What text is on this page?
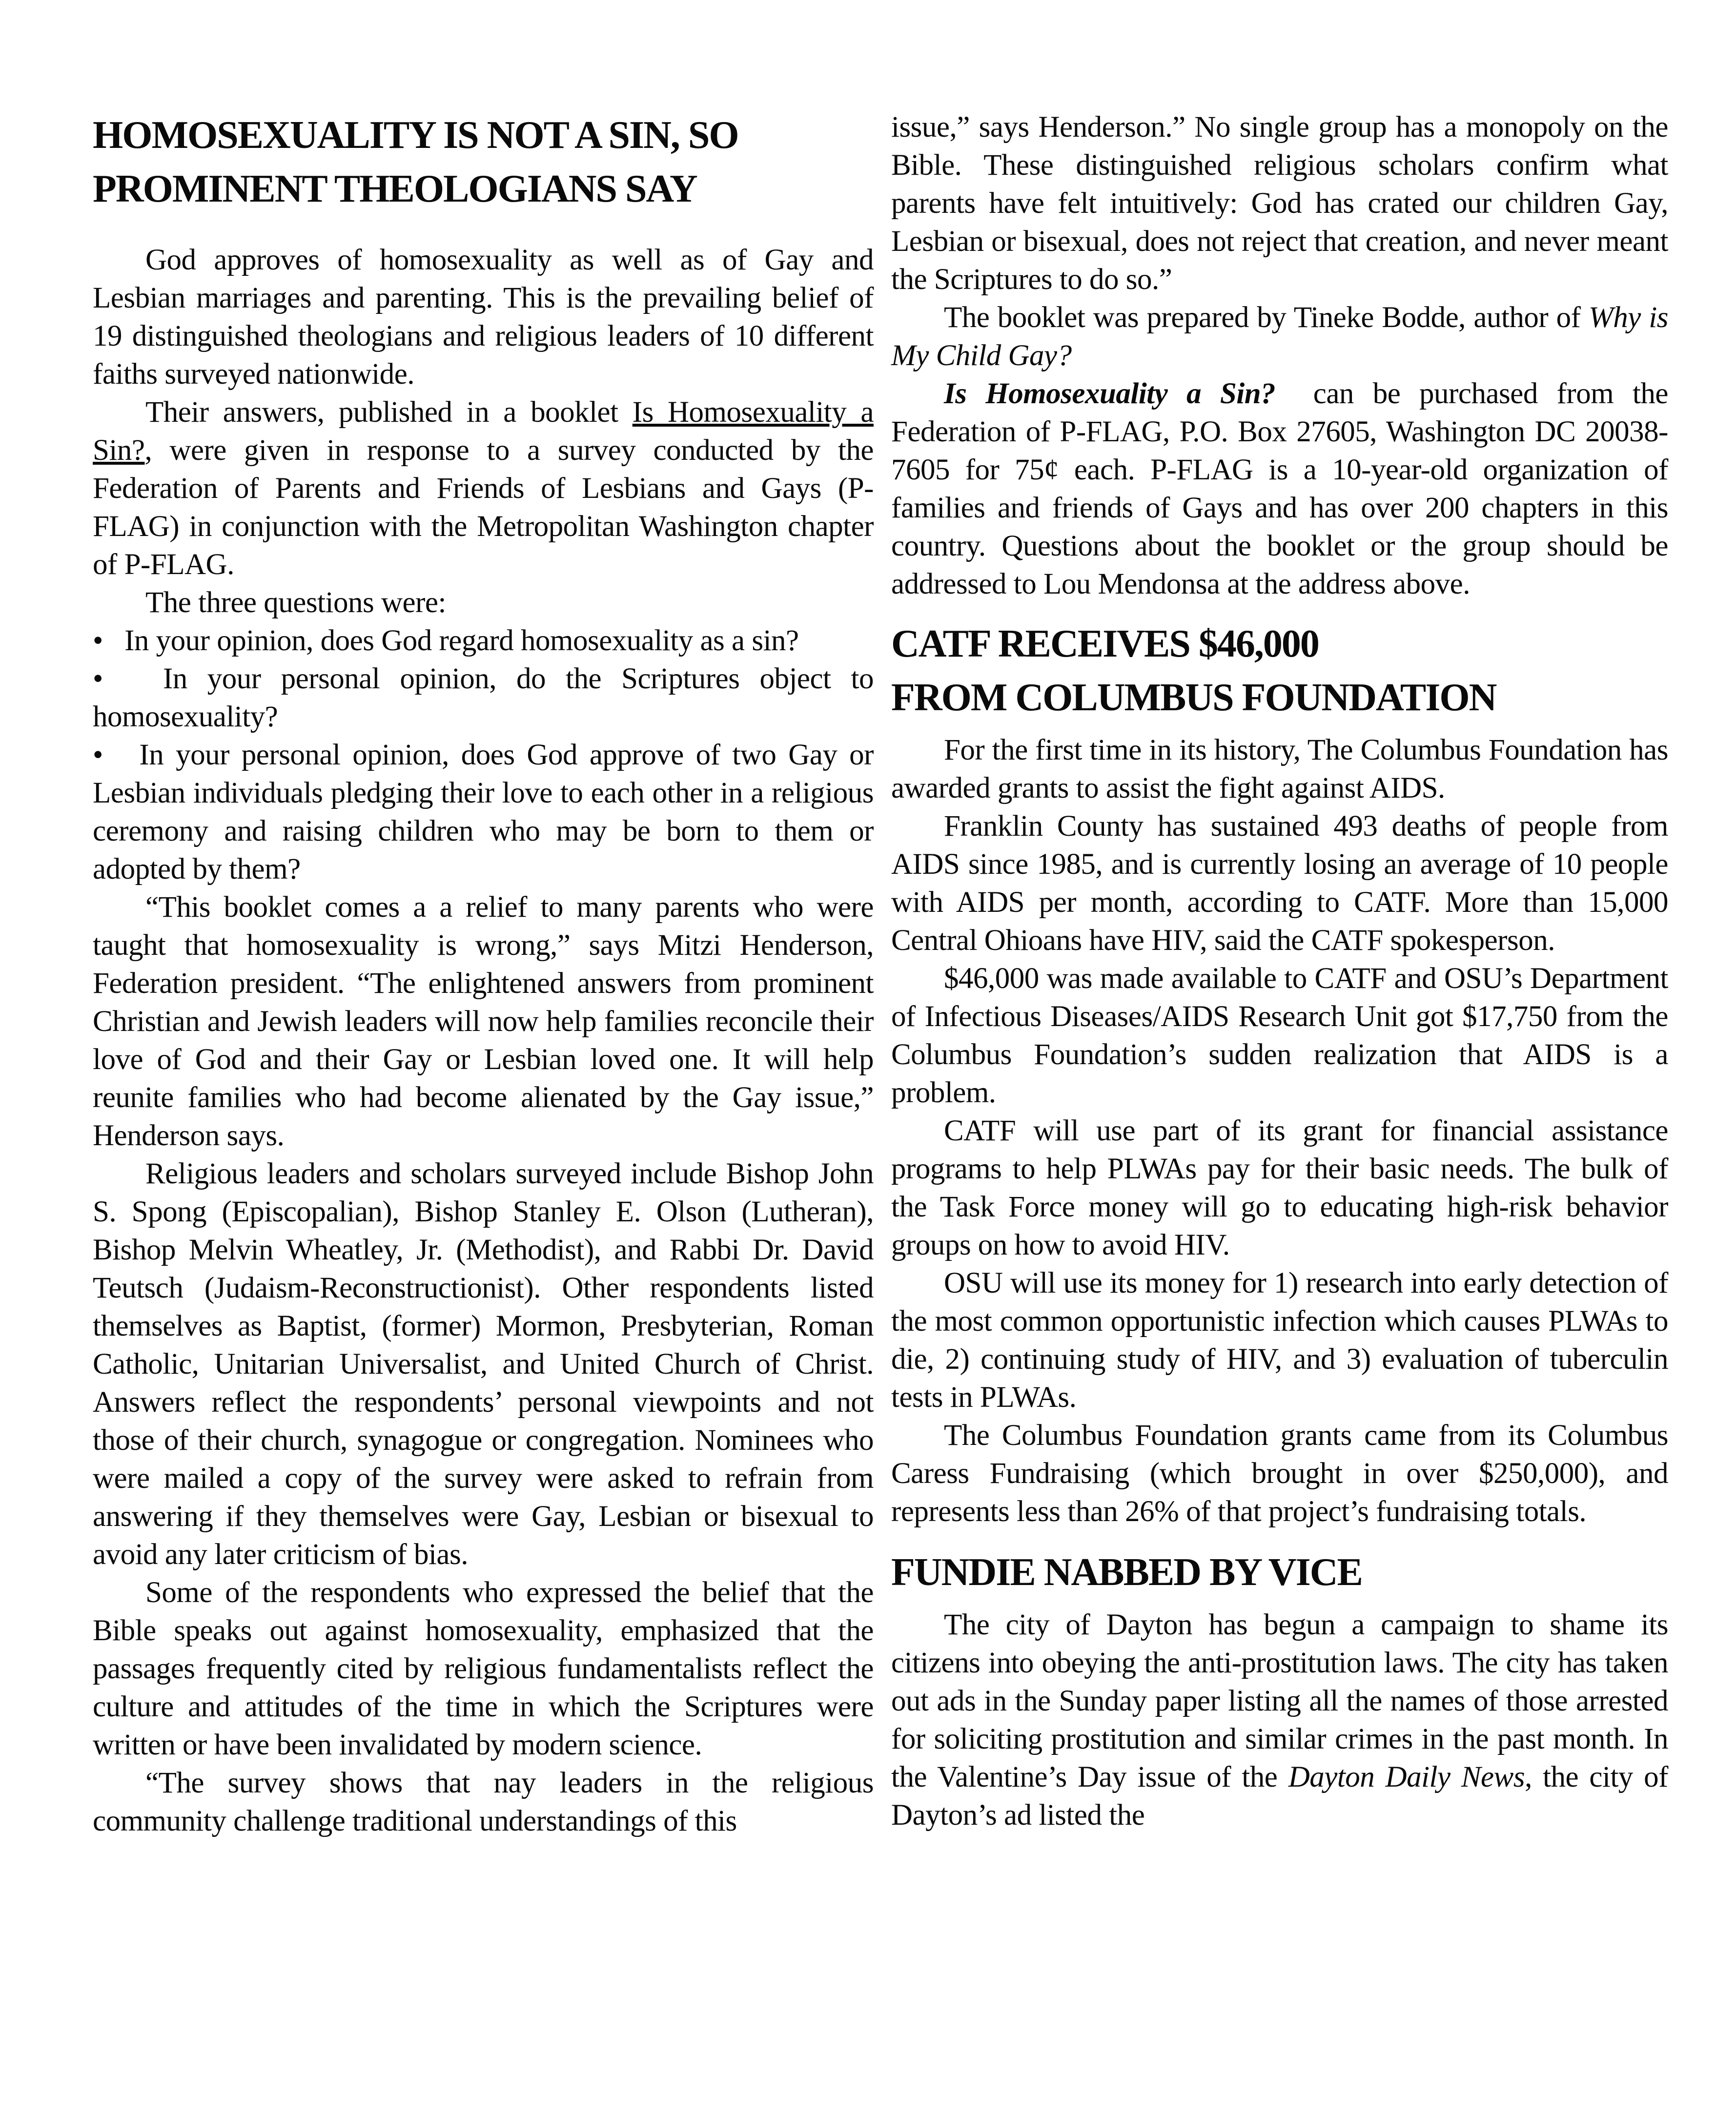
HOMOSEXUALITY IS NOT A SIN, SO
PROMINENT THEOLOGIANS SAY

God approves of homosexuality as well as of Gay and Lesbian marriages and parenting. This is the prevailing belief of 19 distinguished theologians and religious leaders of 10 different faiths surveyed nationwide.

Their answers, published in a booklet Is Homosexuality a Sin?, were given in response to a survey conducted by the Federation of Parents and Friends of Lesbians and Gays (P-FLAG) in conjunction with the Metropolitan Washington chapter of P-FLAG.

The three questions were:

•   In your opinion, does God regard homosexuality as a sin?

•   In your personal opinion, do the Scriptures object to homosexuality?

•   In your personal opinion, does God approve of two Gay or Lesbian individuals pledging their love to each other in a religious ceremony and raising children who may be born to them or adopted by them?

“This booklet comes a a relief to many parents who were taught that homosexuality is wrong,” says Mitzi Henderson, Federation president. “The enlightened answers from prominent Christian and Jewish leaders will now help families reconcile their love of God and their Gay or Lesbian loved one. It will help reunite families who had become alienated by the Gay issue,” Henderson says.

Religious leaders and scholars surveyed include Bishop John S. Spong (Episcopalian), Bishop Stanley E. Olson (Lutheran), Bishop Melvin Wheatley, Jr. (Methodist), and Rabbi Dr. David Teutsch (Judaism-Reconstructionist). Other respondents listed themselves as Baptist, (former) Mormon, Presbyterian, Roman Catholic, Unitarian Universalist, and United Church of Christ. Answers reflect the respondents’ personal viewpoints and not those of their church, synagogue or congregation. Nominees who were mailed a copy of the survey were asked to refrain from answering if they themselves were Gay, Lesbian or bisexual to avoid any later criticism of bias.

Some of the respondents who expressed the belief that the Bible speaks out against homosexuality, emphasized that the passages frequently cited by religious fundamentalists reflect the culture and attitudes of the time in which the Scriptures were written or have been invalidated by modern science.

“The survey shows that nay leaders in the religious community challenge traditional understandings of this

issue,” says Henderson.” No single group has a monopoly on the Bible. These distinguished religious scholars confirm what parents have felt intuitively: God has crated our children Gay, Lesbian or bisexual, does not reject that creation, and never meant the Scriptures to do so.”

The booklet was prepared by Tineke Bodde, author of Why is My Child Gay?

Is Homosexuality a Sin?  can be purchased from the Federation of P-FLAG, P.O. Box 27605, Washington DC 20038-7605 for 75¢ each. P-FLAG is a 10-year-old organization of families and friends of Gays and has over 200 chapters in this country. Questions about the booklet or the group should be addressed to Lou Mendonsa at the address above.

CATF RECEIVES $46,000
FROM COLUMBUS FOUNDATION

For the first time in its history, The Columbus Foundation has awarded grants to assist the fight against AIDS.

Franklin County has sustained 493 deaths of people from AIDS since 1985, and is currently losing an average of 10 people with AIDS per month, according to CATF. More than 15,000 Central Ohioans have HIV, said the CATF spokesperson.

$46,000 was made available to CATF and OSU’s Department of Infectious Diseases/AIDS Research Unit got $17,750 from the Columbus Foundation’s sudden realization that AIDS is a problem.

CATF will use part of its grant for financial assistance programs to help PLWAs pay for their basic needs. The bulk of the Task Force money will go to educating high-risk behavior groups on how to avoid HIV.

OSU will use its money for 1) research into early detection of the most common opportunistic infection which causes PLWAs to die, 2) continuing study of HIV, and 3) evaluation of tuberculin tests in PLWAs.

The Columbus Foundation grants came from its Columbus Caress Fundraising (which brought in over $250,000), and represents less than 26% of that project’s fundraising totals.

FUNDIE NABBED BY VICE

The city of Dayton has begun a campaign to shame its citizens into obeying the anti-prostitution laws. The city has taken out ads in the Sunday paper listing all the names of those arrested for soliciting prostitution and similar crimes in the past month. In the Valentine’s Day issue of the Dayton Daily News, the city of Dayton’s ad listed the
